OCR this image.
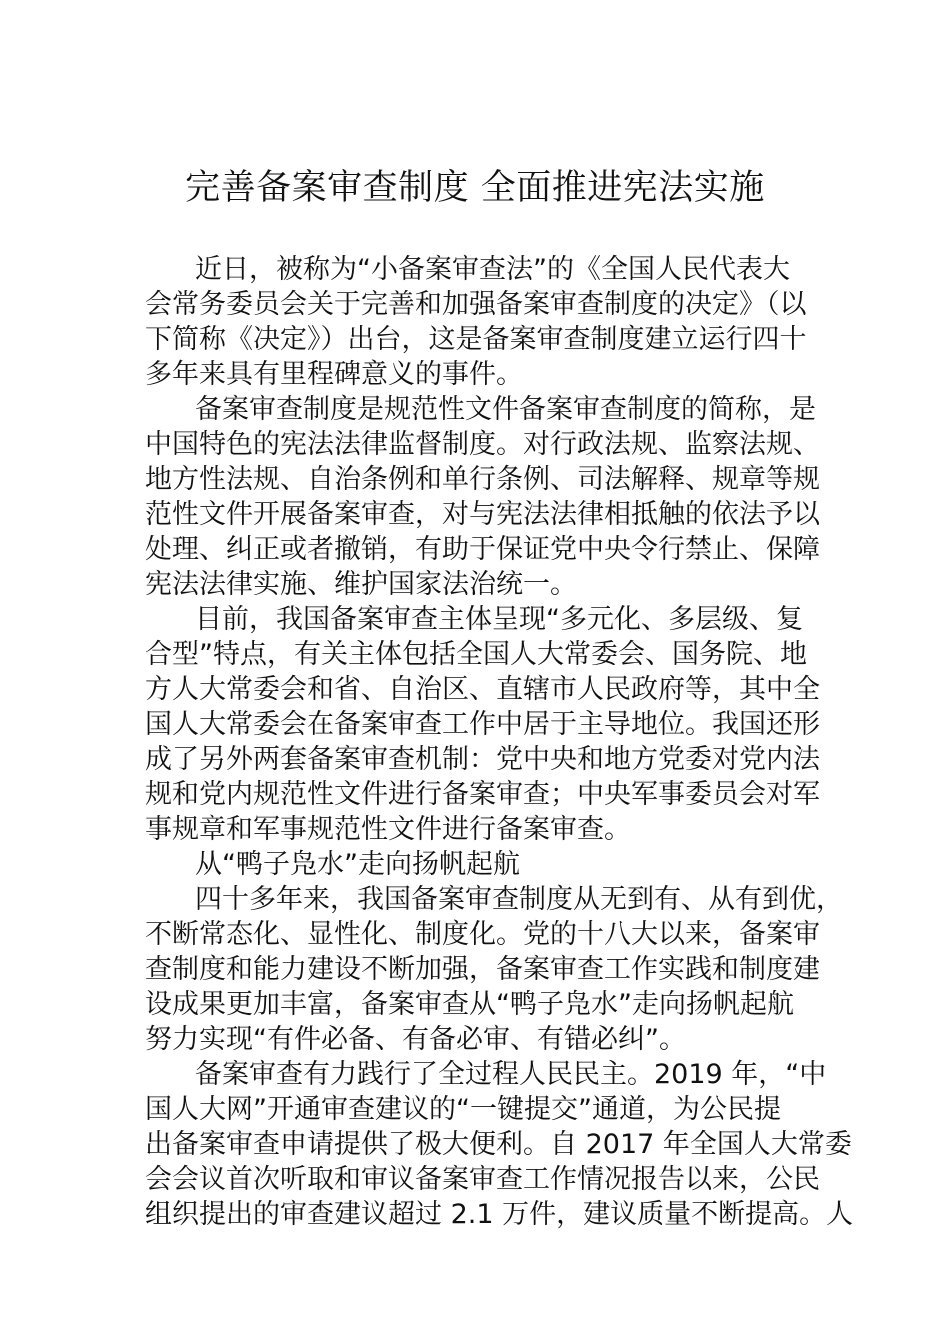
完善备案审查制度 全面推进宪法实施
近日，被称为“小备案审查法”的《全国人民代表大
会常务委员会关于完善和加强备案审查制度的决定》（以
下简称《决定》）出台，这是备案审查制度建立运行四十
多年来具有里程碑意义的事件。
备案审查制度是规范性文件备案审查制度的简称，是
中国特色的宪法法律监督制度。对行政法规、监察法规、
地方性法规、自治条例和单行条例、司法解释、规章等规
范性文件开展备案审查，对与宪法法律相抵触的依法予以
处理、纠正或者撤销，有助于保证党中央令行禁止、保障
宪法法律实施、维护国家法治统一。
目前，我国备案审查主体呈现“多元化、多层级、复
合型”特点，有关主体包括全国人大常委会、国务院、地
方人大常委会和省、自治区、直辖市人民政府等，其中全
国人大常委会在备案审查工作中居于主导地位。我国还形
成了另外两套备案审查机制：党中央和地方党委对党内法
规和党内规范性文件进行备案审查；中央军事委员会对军
事规章和军事规范性文件进行备案审查。
从“鸭子凫水”走向扬帆起航
四十多年来，我国备案审查制度从无到有、从有到优，
不断常态化、显性化、制度化。党的十八大以来，备案审
查制度和能力建设不断加强，备案审查工作实践和制度建
设成果更加丰富，备案审查从“鸭子凫水”走向扬帆起航
努力实现“有件必备、有备必审、有错必纠”。
备案审查有力践行了全过程人民民主。2019 年，“中
国人大网”开通审查建议的“一键提交”通道，为公民提
出备案审查申请提供了极大便利。自 2017 年全国人大常委
会会议首次听取和审议备案审查工作情况报告以来，公民
组织提出的审查建议超过 2.1 万件，建议质量不断提高。人
